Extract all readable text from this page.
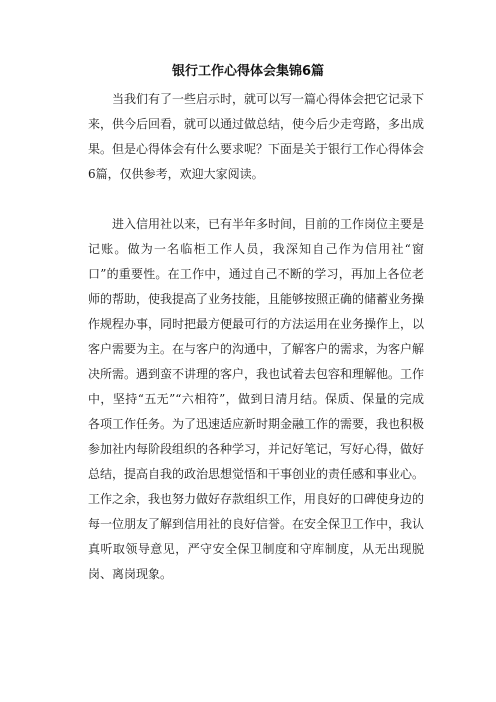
银行工作心得体会集锦6篇

当我们有了一些启示时，就可以写一篇心得体会把它记录下来，供今后回看，就可以通过做总结，使今后少走弯路，多出成果。但是心得体会有什么要求呢？下面是关于银行工作心得体会6篇，仅供参考，欢迎大家阅读。

进入信用社以来，已有半年多时间，目前的工作岗位主要是记账。做为一名临柜工作人员，我深知自己作为信用社“窗口”的重要性。在工作中，通过自己不断的学习，再加上各位老师的帮助，使我提高了业务技能，且能够按照正确的储蓄业务操作规程办事，同时把最方便最可行的方法运用在业务操作上，以客户需要为主。在与客户的沟通中，了解客户的需求，为客户解决所需。遇到蛮不讲理的客户，我也试着去包容和理解他。工作中，坚持“五无”“六相符”，做到日清月结。保质、保量的完成各项工作任务。为了迅速适应新时期金融工作的需要，我也积极参加社内每阶段组织的各种学习，并记好笔记，写好心得，做好总结，提高自我的政治思想觉悟和干事创业的责任感和事业心。工作之余，我也努力做好存款组织工作，用良好的口碑使身边的每一位朋友了解到信用社的良好信誉。在安全保卫工作中，我认真听取领导意见，严守安全保卫制度和守库制度，从无出现脱岗、离岗现象。
